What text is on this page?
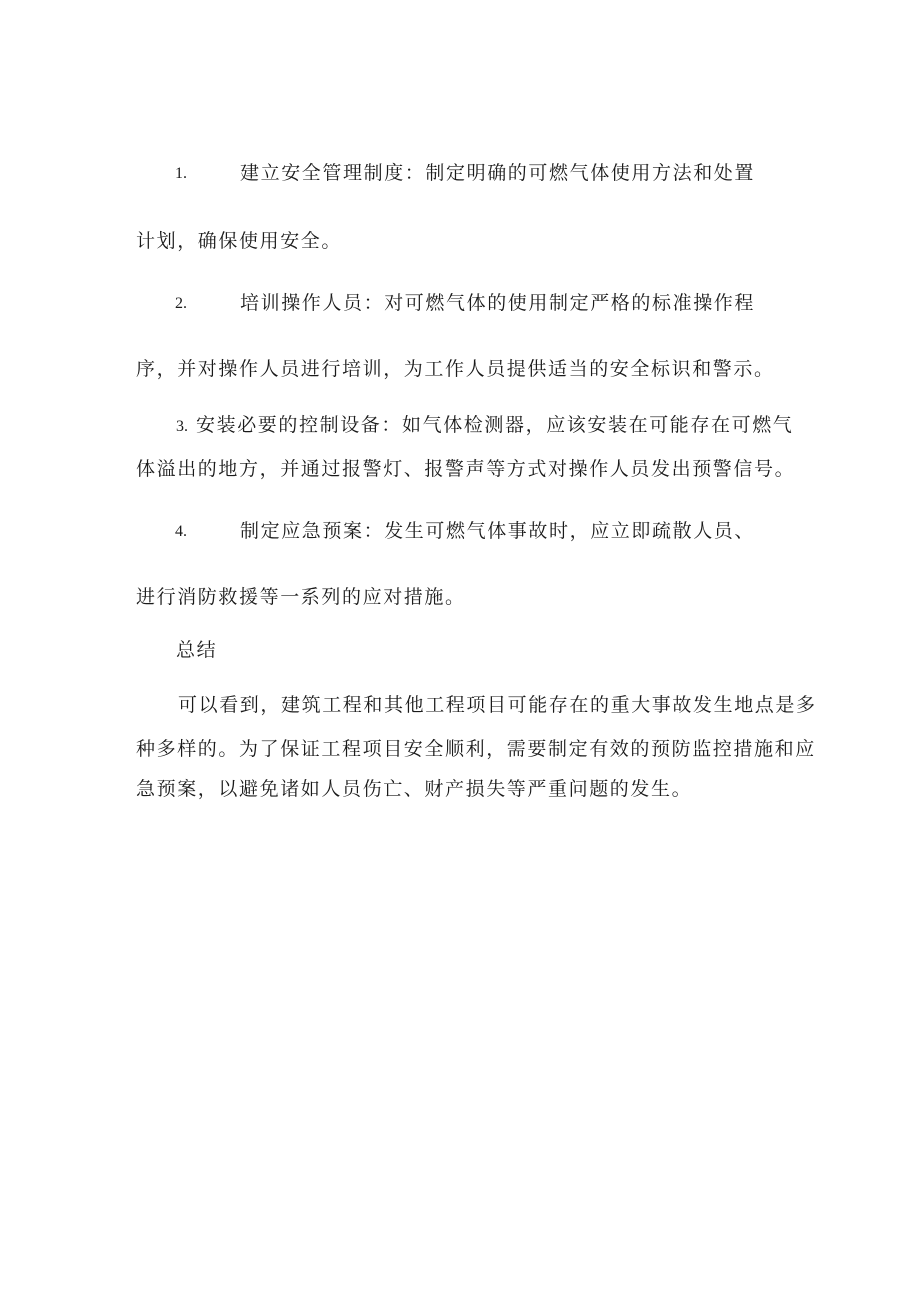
1.	建立安全管理制度：制定明确的可燃气体使用方法和处置
计划，确保使用安全。
2.	培训操作人员：对可燃气体的使用制定严格的标准操作程
序，并对操作人员进行培训，为工作人员提供适当的安全标识和警示。
3. 安装必要的控制设备：如气体检测器，应该安装在可能存在可燃气
体溢出的地方，并通过报警灯、报警声等方式对操作人员发出预警信号。
4.	制定应急预案：发生可燃气体事故时，应立即疏散人员、
进行消防救援等一系列的应对措施。
总结
可以看到，建筑工程和其他工程项目可能存在的重大事故发生地点是多
种多样的。为了保证工程项目安全顺利，需要制定有效的预防监控措施和应
急预案，以避免诸如人员伤亡、财产损失等严重问题的发生。
